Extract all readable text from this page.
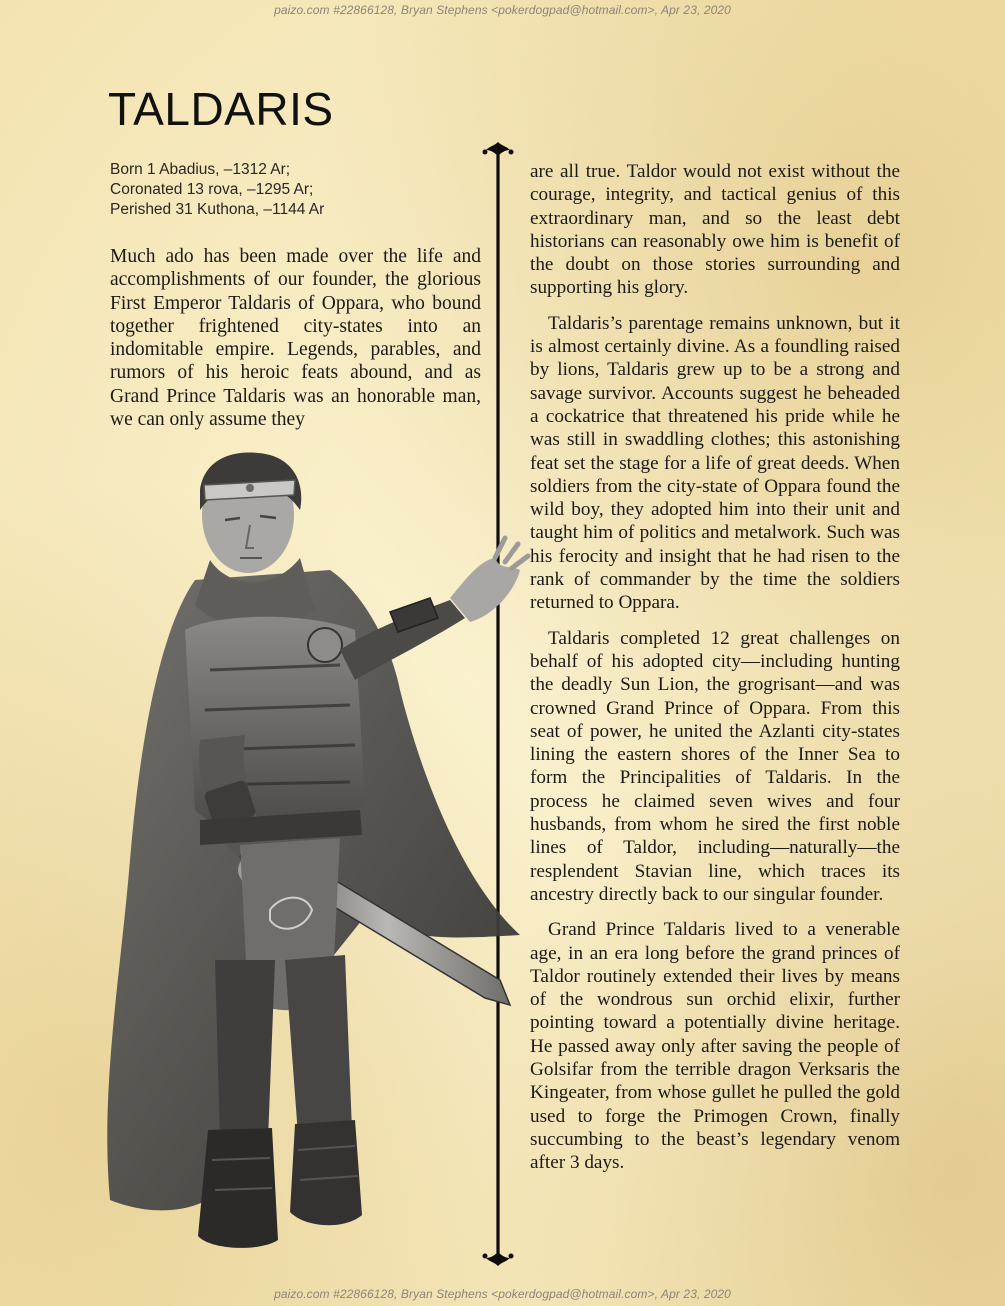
paizo.com #22866128, Bryan Stephens <pokerdogpad@hotmail.com>, Apr 23, 2020
TALDARIS
Born 1 Abadius, –1312 Ar;
Coronated 13 rova, –1295 Ar;
Perished 31 Kuthona, –1144 Ar

Much ado has been made over the life and accomplishments of our founder, the glorious First Emperor Taldaris of Oppara, who bound together frightened city-states into an indomitable empire. Legends, parables, and rumors of his heroic feats abound, and as Grand Prince Taldaris was an honorable man, we can only assume they

are all true. Taldor would not exist without the courage, integrity, and tactical genius of this extraordinary man, and so the least debt historians can reasonably owe him is benefit of the doubt on those stories surrounding and supporting his glory.

Taldaris’s parentage remains unknown, but it is almost certainly divine. As a foundling raised by lions, Taldaris grew up to be a strong and savage survivor. Accounts suggest he beheaded a cockatrice that threatened his pride while he was still in swaddling clothes; this astonishing feat set the stage for a life of great deeds. When soldiers from the city-state of Oppara found the wild boy, they adopted him into their unit and taught him of politics and metalwork. Such was his ferocity and insight that he had risen to the rank of commander by the time the soldiers returned to Oppara.

Taldaris completed 12 great challenges on behalf of his adopted city—including hunting the deadly Sun Lion, the grogrisant—and was crowned Grand Prince of Oppara. From this seat of power, he united the Azlanti city-states lining the eastern shores of the Inner Sea to form the Principalities of Taldaris. In the process he claimed seven wives and four husbands, from whom he sired the first noble lines of Taldor, including—naturally—the resplendent Stavian line, which traces its ancestry directly back to our singular founder.

Grand Prince Taldaris lived to a venerable age, in an era long before the grand princes of Taldor routinely extended their lives by means of the wondrous sun orchid elixir, further pointing toward a potentially divine heritage. He passed away only after saving the people of Golsifar from the terrible dragon Verksaris the Kingeater, from whose gullet he pulled the gold used to forge the Primogen Crown, finally succumbing to the beast’s legendary venom after 3 days.

paizo.com #22866128, Bryan Stephens <pokerdogpad@hotmail.com>, Apr 23, 2020
